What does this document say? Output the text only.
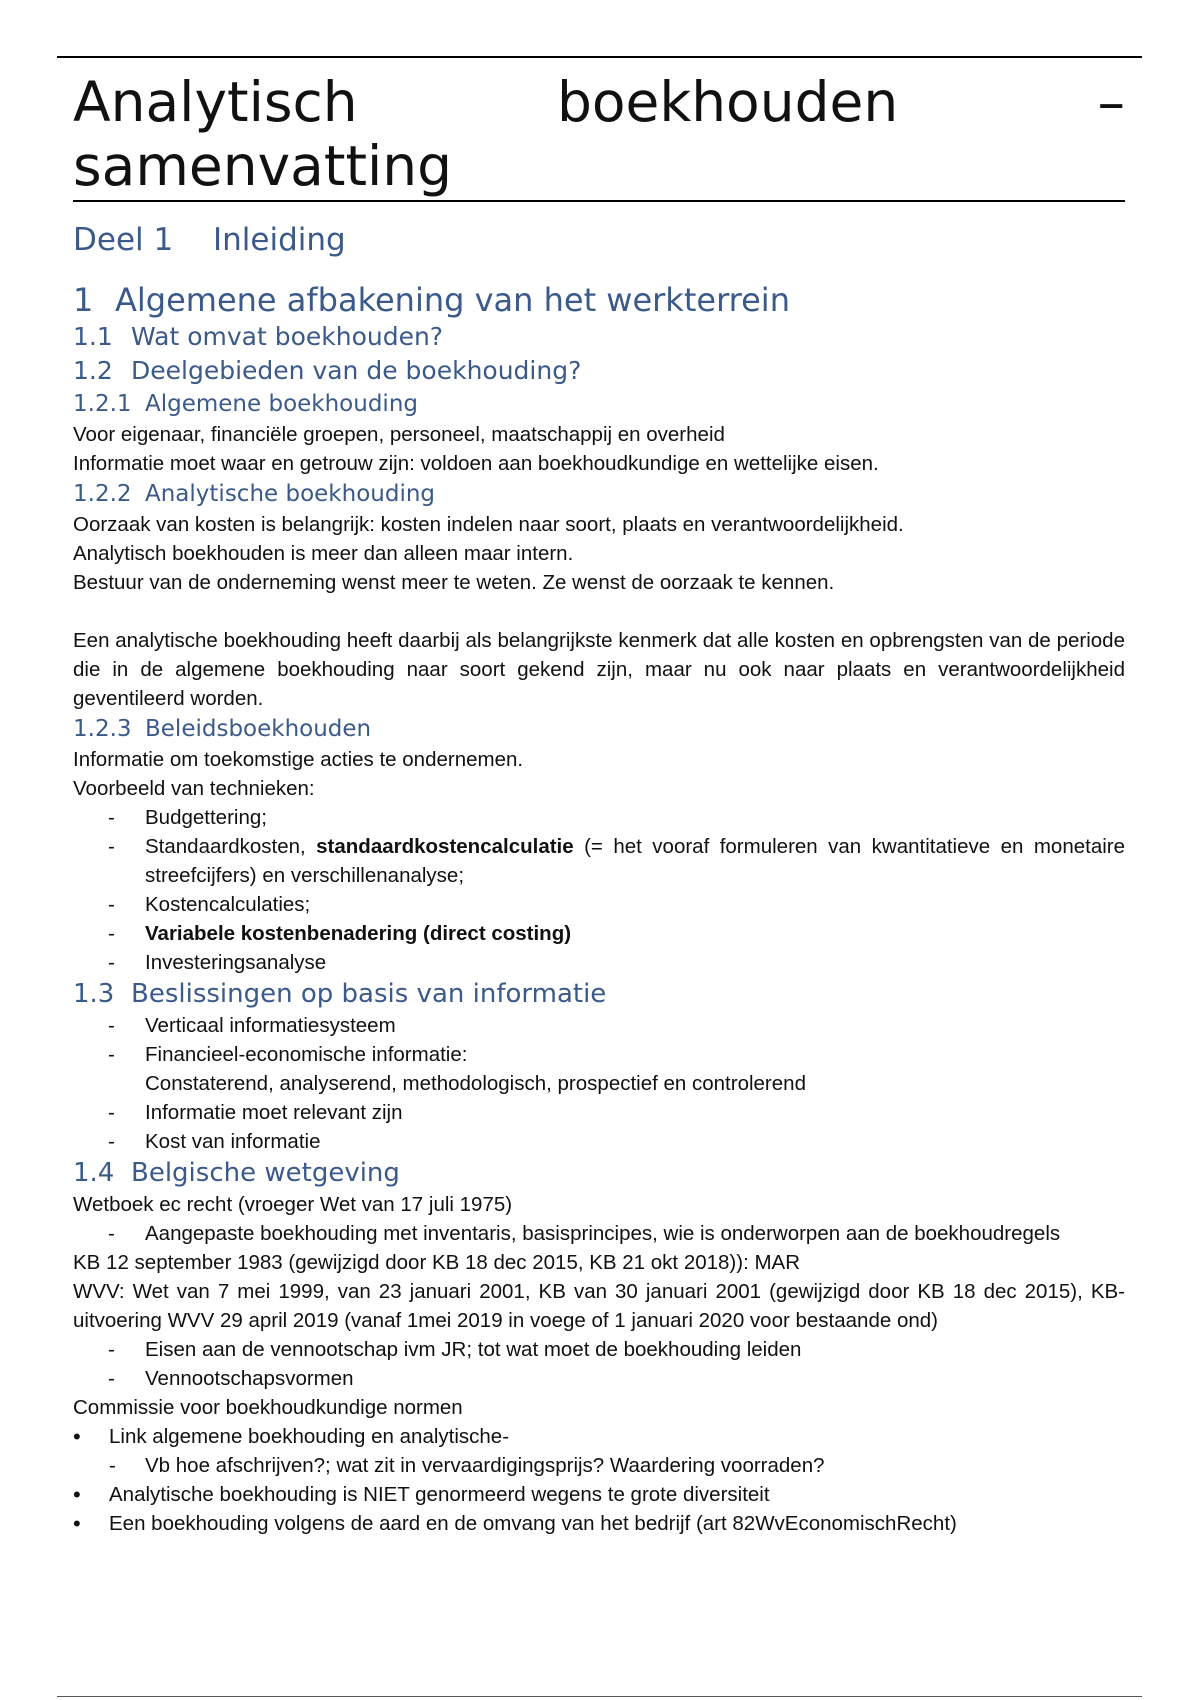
Analytisch	boekhouden	– samenvatting
Deel 1 Inleiding
1 Algemene afbakening van het werkterrein
1.1 Wat omvat boekhouden?
1.2 Deelgebieden van de boekhouding?
1.2.1 Algemene boekhouding

Voor eigenaar, financiële groepen, personeel, maatschappij en overheid

Informatie moet waar en getrouw zijn: voldoen aan boekhoudkundige en wettelijke eisen.

1.2.2 Analytische boekhouding

Oorzaak van kosten is belangrijk: kosten indelen naar soort, plaats en verantwoordelijkheid.

Analytisch boekhouden is meer dan alleen maar intern.

Bestuur van de onderneming wenst meer te weten. Ze wenst de oorzaak te kennen.

Een analytische boekhouding heeft daarbij als belangrijkste kenmerk dat alle kosten en opbrengsten van de periode die in de algemene boekhouding naar soort gekend zijn, maar nu ook naar plaats en verantwoordelijkheid geventileerd worden.

1.2.3 Beleidsboekhouden

Informatie om toekomstige acties te ondernemen.

Voorbeeld van technieken:

- Budgettering;
- Standaardkosten, standaardkostencalculatie (= het vooraf formuleren van kwantitatieve en monetaire streefcijfers) en verschillenanalyse;
- Kostencalculaties;
- Variabele kostenbenadering (direct costing)
- Investeringsanalyse
1.3 Beslissingen op basis van informatie
- Verticaal informatiesysteem
- Financieel-economische informatie:
Constaterend, analyserend, methodologisch, prospectief en controlerend
- Informatie moet relevant zijn
- Kost van informatie
1.4 Belgische wetgeving

Wetboek ec recht (vroeger Wet van 17 juli 1975)

- Aangepaste boekhouding met inventaris, basisprincipes, wie is onderworpen aan de boekhoudregels

KB 12 september 1983 (gewijzigd door KB 18 dec 2015, KB 21 okt 2018)): MAR

WVV: Wet van 7 mei 1999, van 23 januari 2001, KB van 30 januari 2001 (gewijzigd door KB 18 dec 2015), KB-uitvoering WVV 29 april 2019 (vanaf 1mei 2019 in voege of 1 januari 2020 voor bestaande ond)

- Eisen aan de vennootschap ivm JR; tot wat moet de boekhouding leiden
- Vennootschapsvormen

Commissie voor boekhoudkundige normen

• Link algemene boekhouding en analytische-
- Vb hoe afschrijven?; wat zit in vervaardigingsprijs? Waardering voorraden?
• Analytische boekhouding is NIET genormeerd wegens te grote diversiteit
• Een boekhouding volgens de aard en de omvang van het bedrijf (art 82WvEconomischRecht)
